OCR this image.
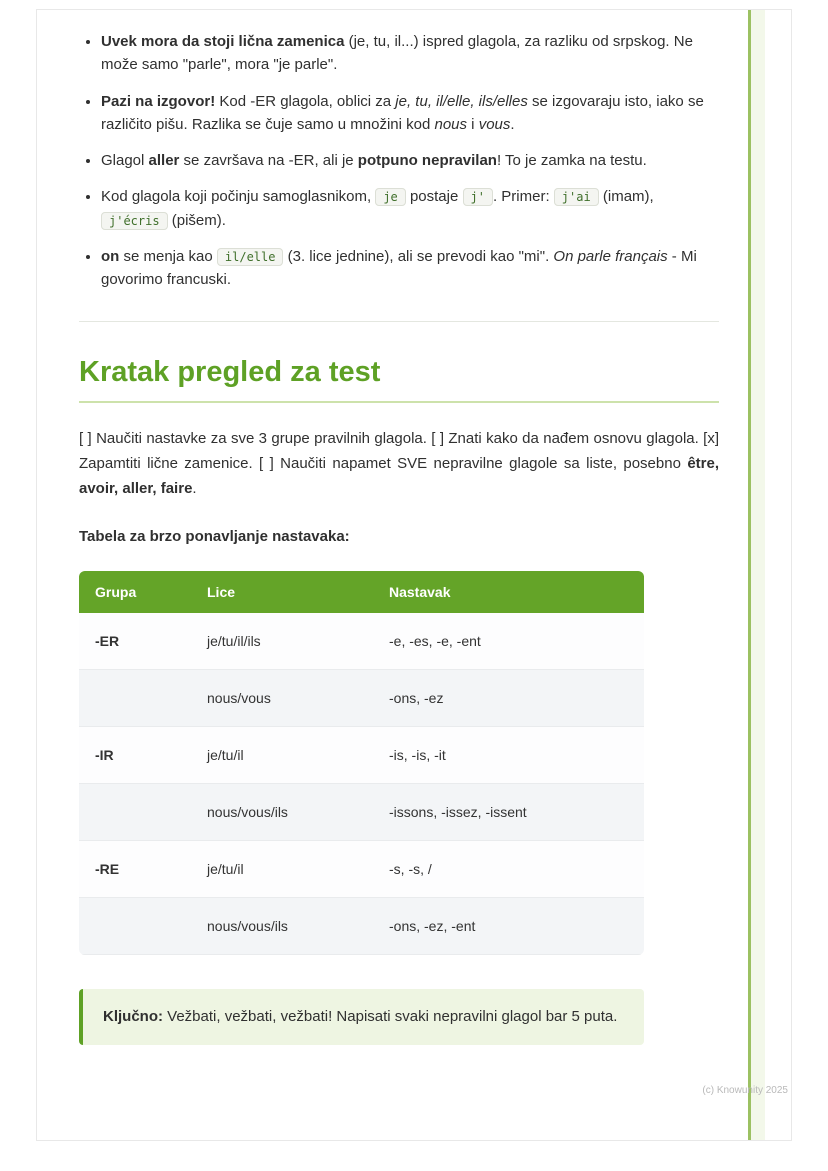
• Uvek mora da stoji lična zamenica (je, tu, il...) ispred glagola, za razliku od srpskog. Ne može samo "parle", mora "je parle".
• Pazi na izgovor! Kod -ER glagola, oblici za je, tu, il/elle, ils/elles se izgovaraju isto, iako se različito pišu. Razlika se čuje samo u množini kod nous i vous.
• Glagol aller se završava na -ER, ali je potpuno nepravilan! To je zamka na testu.
• Kod glagola koji počinju samoglasnikom, je postaje j' . Primer: j'ai (imam), j'écris (pišem).
• on se menja kao il/elle (3. lice jednine), ali se prevodi kao "mi". On parle français - Mi govorimo francuski.
Kratak pregled za test

[ ] Naučiti nastavke za sve 3 grupe pravilnih glagola. [ ] Znati kako da nađem osnovu glagola. [x] Zapamtiti lične zamenice. [ ] Naučiti napamet SVE nepravilne glagole sa liste, posebno être, avoir, aller, faire.

Tabela za brzo ponavljanje nastavaka:

Grupa	Lice	Nastavak
-ER	je/tu/il/ils	-e, -es, -e, -ent
	nous/vous	-ons, -ez
-IR	je/tu/il	-is, -is, -it
	nous/vous/ils	-issons, -issez, -issent
-RE	je/tu/il	-s, -s, /
	nous/vous/ils	-ons, -ez, -ent
Ključno: Vežbati, vežbati, vežbati! Napisati svaki nepravilni glagol bar 5 puta.
(c) Knowunity 2025
